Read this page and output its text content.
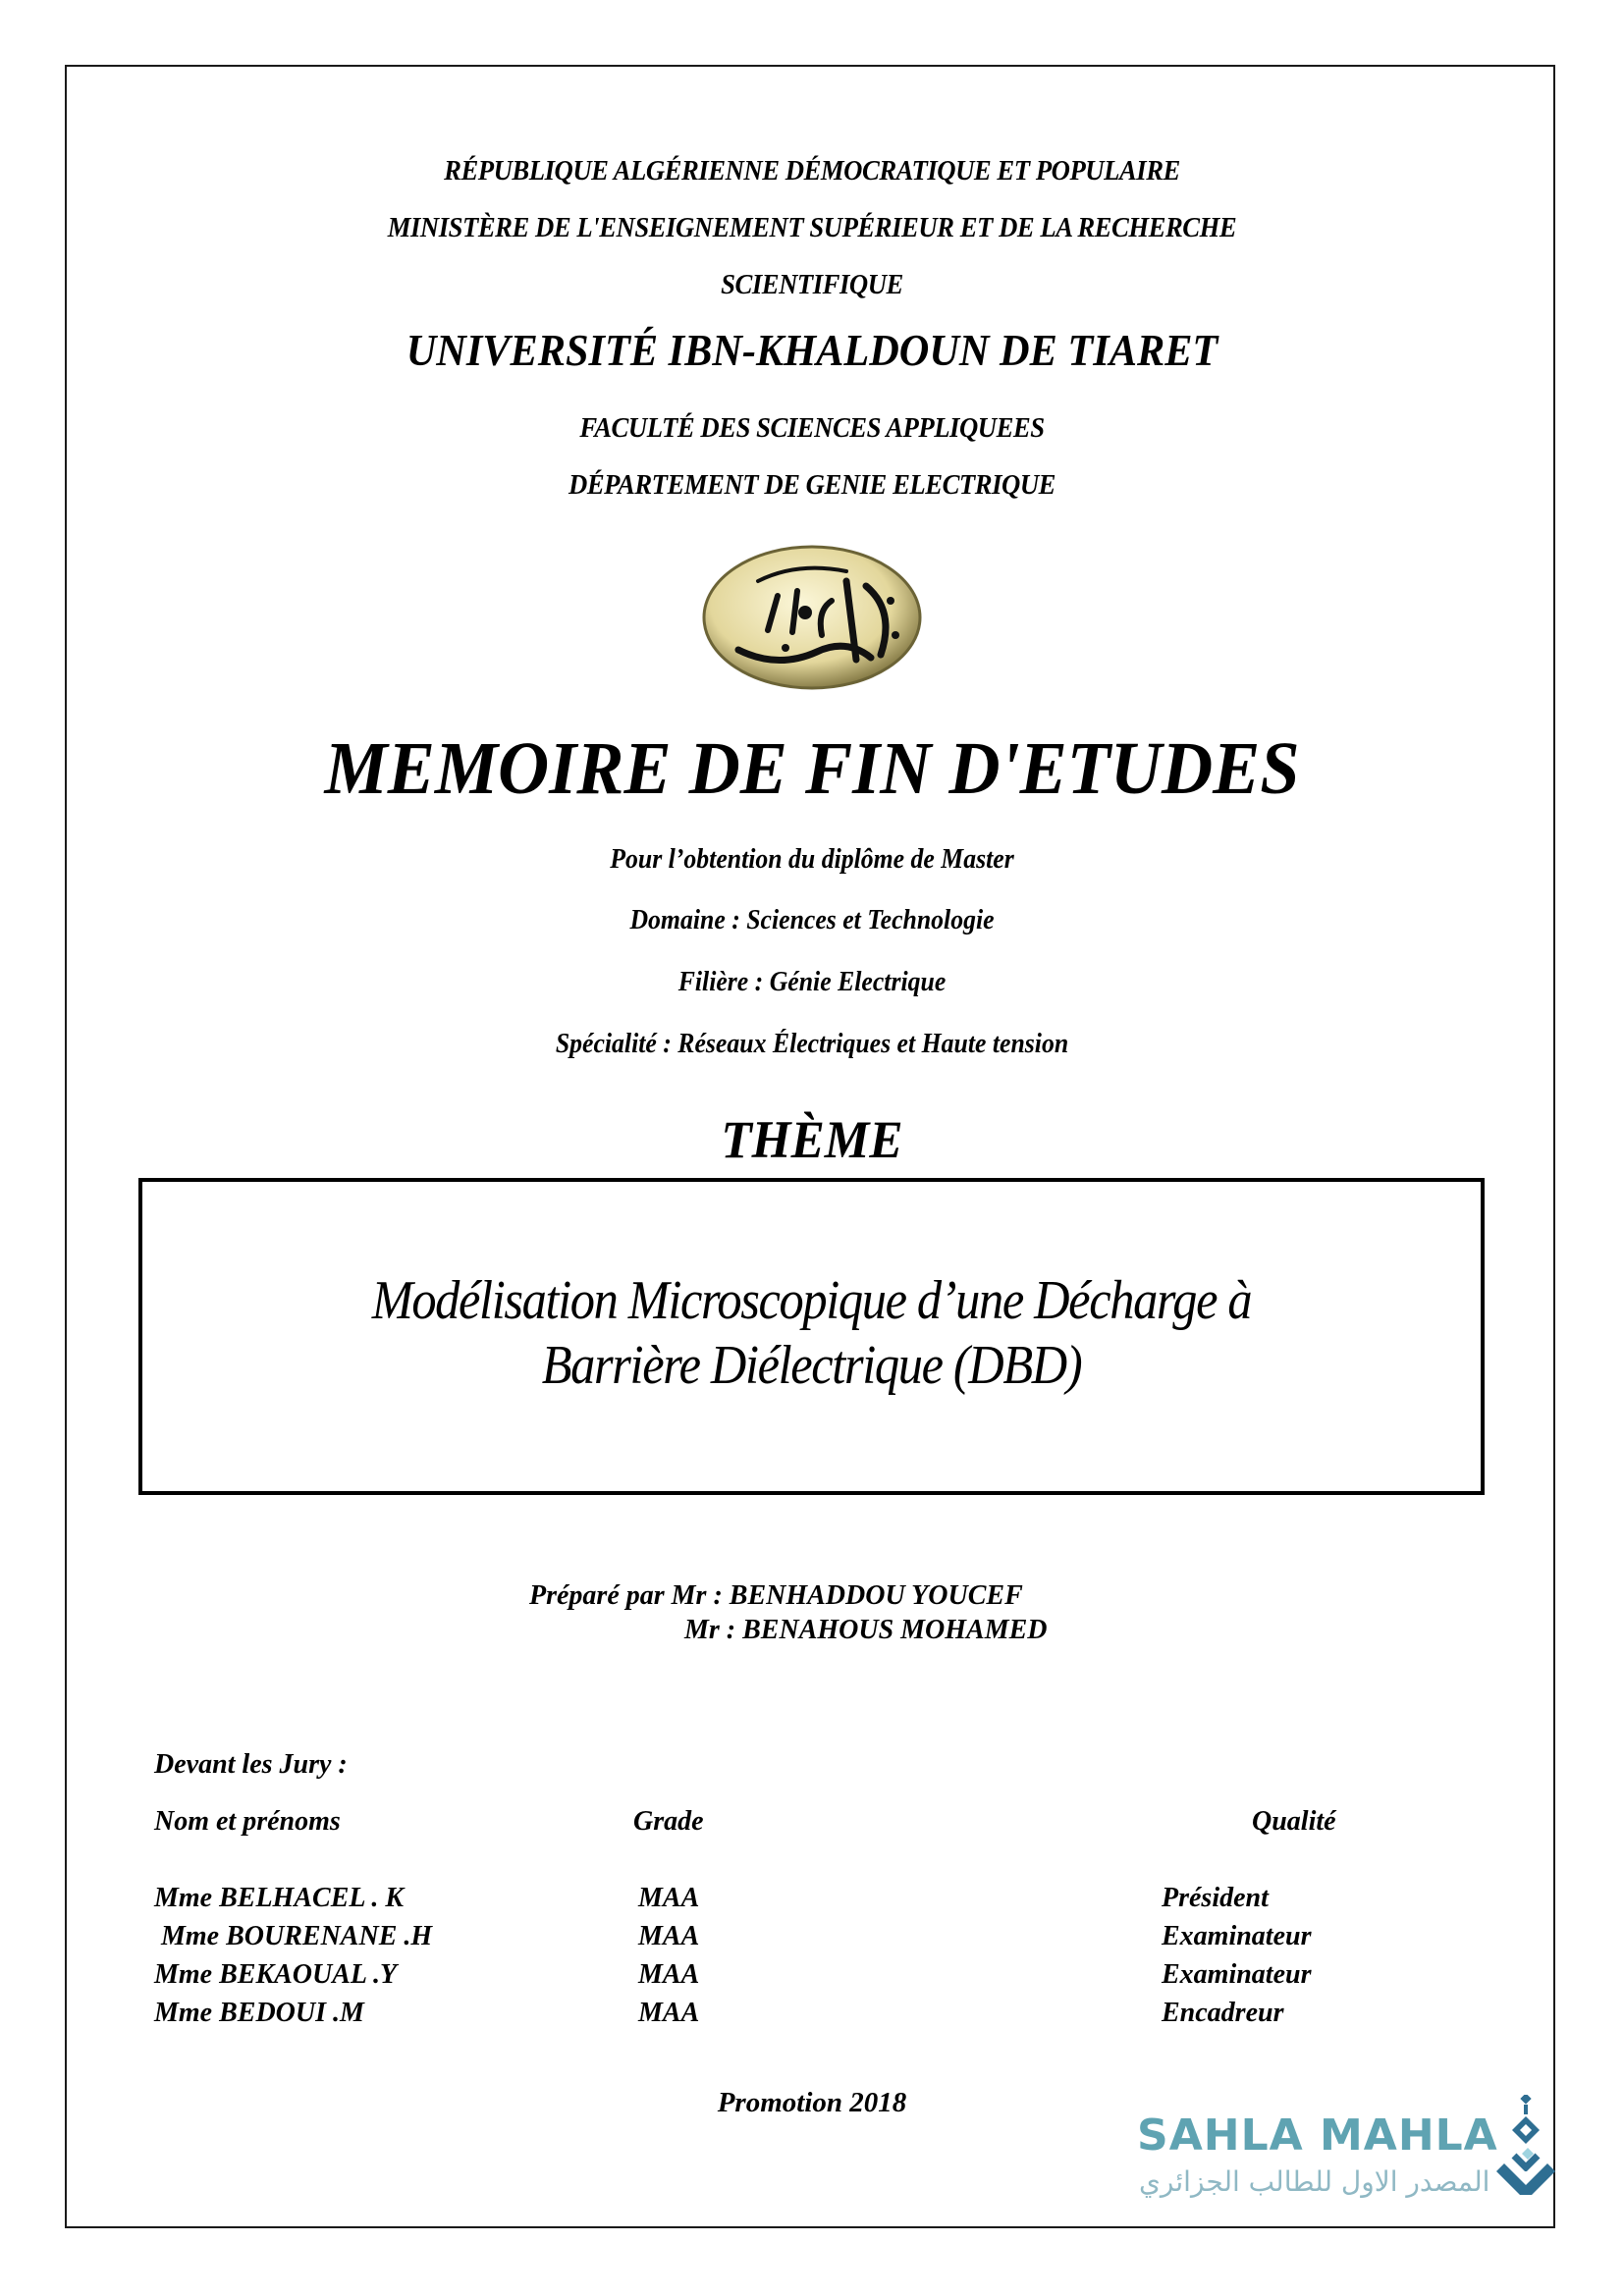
RÉPUBLIQUE ALGÉRIENNE DÉMOCRATIQUE ET POPULAIRE
MINISTÈRE DE L'ENSEIGNEMENT SUPÉRIEUR ET DE LA RECHERCHE
SCIENTIFIQUE
UNIVERSITÉ IBN-KHALDOUN DE TIARET
FACULTÉ DES SCIENCES APPLIQUEES
DÉPARTEMENT DE GENIE ELECTRIQUE
MEMOIRE DE FIN D'ETUDES
Pour l’obtention du diplôme de Master
Domaine : Sciences et Technologie
Filière : Génie Electrique
Spécialité : Réseaux Électriques et Haute tension
THÈME
Modélisation Microscopique d’une Décharge à
Barrière Diélectrique (DBD)
Préparé par Mr : BENHADDOU YOUCEF
Mr : BENAHOUS MOHAMED
Devant les Jury :
Nom et prénoms	Grade	Qualité
Mme BELHACEL . K	MAA	Président
Mme BOURENANE .H	MAA	Examinateur
Mme BEKAOUAL .Y	MAA	Examinateur
Mme BEDOUI .M	MAA	Encadreur
Promotion 2018
SAHLA MAHLA
المصدر الاول للطالب الجزائري
